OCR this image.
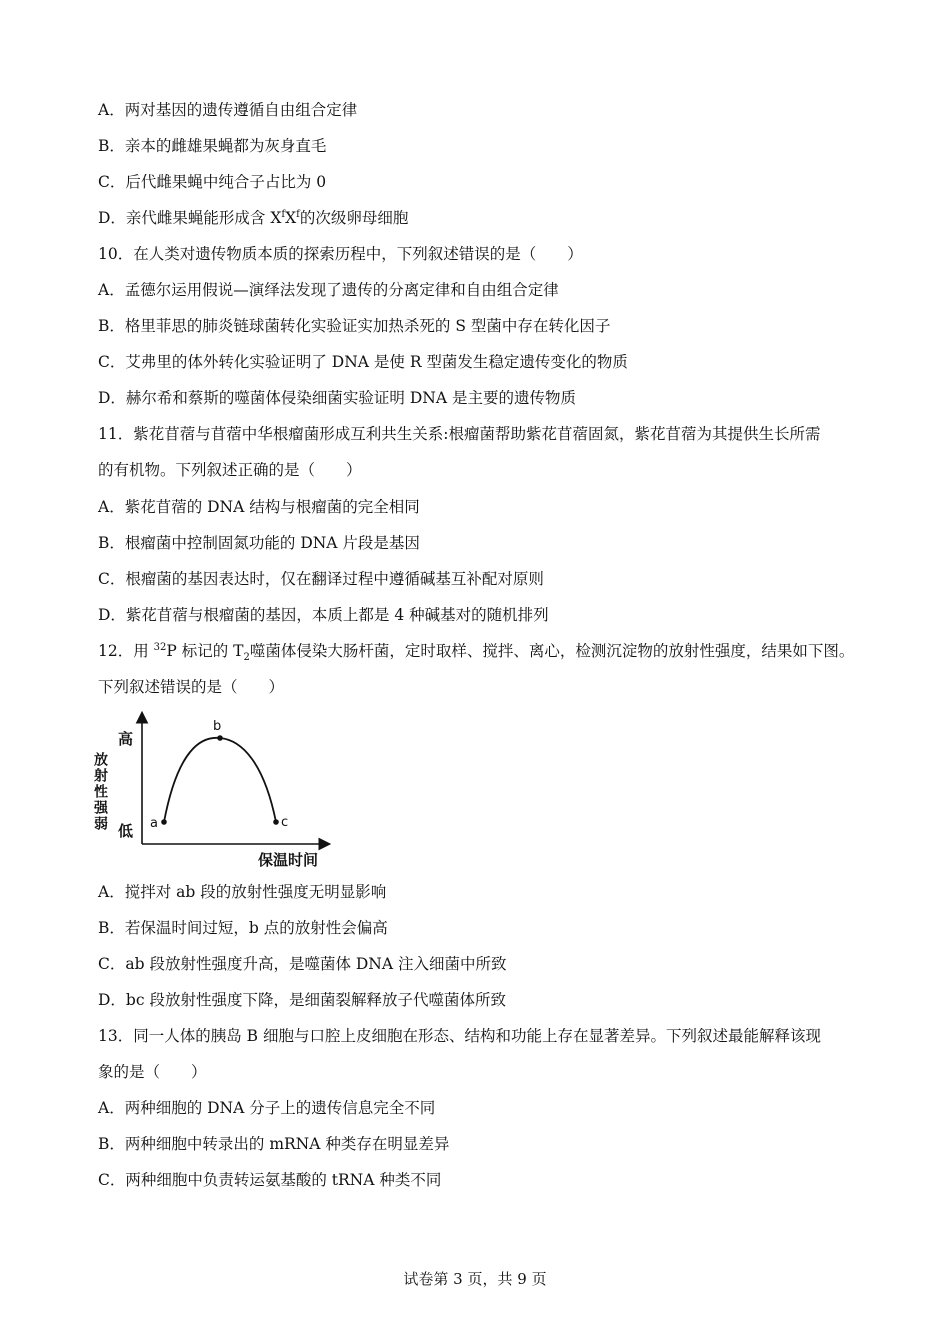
A．两对基因的遗传遵循自由组合定律
B．亲本的雌雄果蝇都为灰身直毛
C．后代雌果蝇中纯合子占比为 0
D．亲代雌果蝇能形成含 $X^fX^f$的次级卵母细胞
10．在人类对遗传物质本质的探索历程中，下列叙述错误的是（　　）
A．孟德尔运用假说—演绎法发现了遗传的分离定律和自由组合定律
B．格里菲思的肺炎链球菌转化实验证实加热杀死的 S 型菌中存在转化因子
C．艾弗里的体外转化实验证明了 DNA 是使 R 型菌发生稳定遗传变化的物质
D．赫尔希和蔡斯的噬菌体侵染细菌实验证明 DNA 是主要的遗传物质
11．紫花苜蓿与苜蓿中华根瘤菌形成互利共生关系:根瘤菌帮助紫花苜蓿固氮，紫花苜蓿为其提供生长所需
的有机物。下列叙述正确的是（　　）
A．紫花苜蓿的 DNA 结构与根瘤菌的完全相同
B．根瘤菌中控制固氮功能的 DNA 片段是基因
C．根瘤菌的基因表达时，仅在翻译过程中遵循碱基互补配对原则
D．紫花苜蓿与根瘤菌的基因，本质上都是 4 种碱基对的随机排列
12．用 $^{32}$P 标记的 $T_2$噬菌体侵染大肠杆菌，定时取样、搅拌、离心，检测沉淀物的放射性强度，结果如下图。
下列叙述错误的是（　　）
高
放射性强弱 低
保温时间
a
b
c
A．搅拌对 ab 段的放射性强度无明显影响
B．若保温时间过短，b 点的放射性会偏高
C．ab 段放射性强度升高，是噬菌体 DNA 注入细菌中所致
D．bc 段放射性强度下降，是细菌裂解释放子代噬菌体所致
13．同一人体的胰岛 B 细胞与口腔上皮细胞在形态、结构和功能上存在显著差异。下列叙述最能解释该现
象的是（　　）
A．两种细胞的 DNA 分子上的遗传信息完全不同
B．两种细胞中转录出的 mRNA 种类存在明显差异
C．两种细胞中负责转运氨基酸的 tRNA 种类不同
试卷第 3 页，共 9 页
